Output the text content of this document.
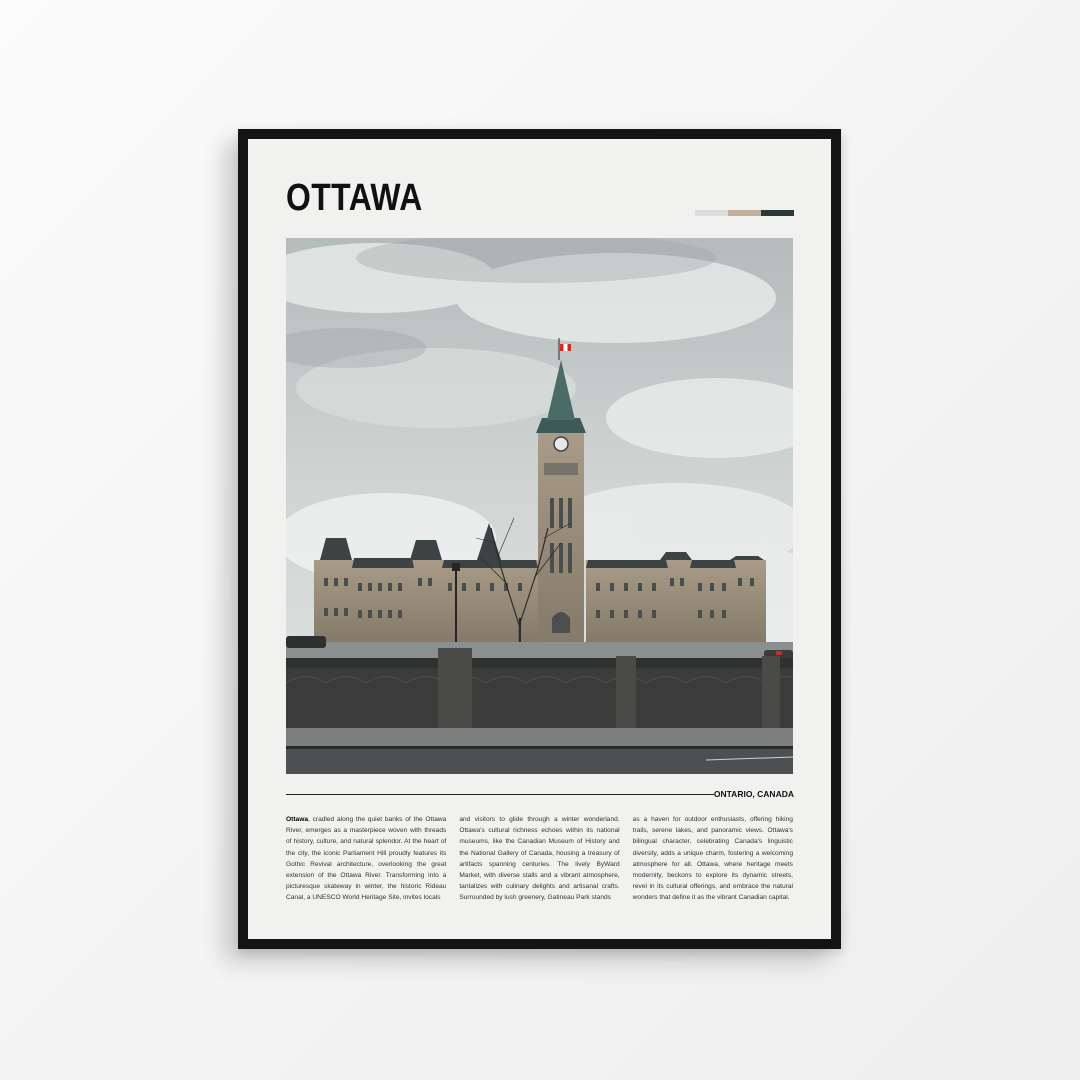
OTTAWA
ONTARIO, CANADA
Ottawa, cradled along the quiet banks of the Ottawa River, emerges as a masterpiece woven with threads of history, culture, and natural splendor. At the heart of the city, the iconic Parliament Hill proudly features its Gothic Revival architecture, overlooking the great extension of the Ottawa River. Transforming into a picturesque skateway in winter, the historic Rideau Canal, a UNESCO World Heritage Site, invites locals
and visitors to glide through a winter wonderland. Ottawa's cultural richness echoes within its national museums, like the Canadian Museum of History and the National Gallery of Canada, housing a treasury of artifacts spanning centuries. The lively ByWard Market, with diverse stalls and a vibrant atmosphere, tantalizes with culinary delights and artisanal crafts. Surrounded by lush greenery, Gatineau Park stands
as a haven for outdoor enthusiasts, offering hiking trails, serene lakes, and panoramic views. Ottawa's bilingual character, celebrating Canada's linguistic diversity, adds a unique charm, fostering a welcoming atmosphere for all. Ottawa, where heritage meets modernity, beckons to explore its dynamic streets, revel in its cultural offerings, and embrace the natural wonders that define it as the vibrant Canadian capital.
